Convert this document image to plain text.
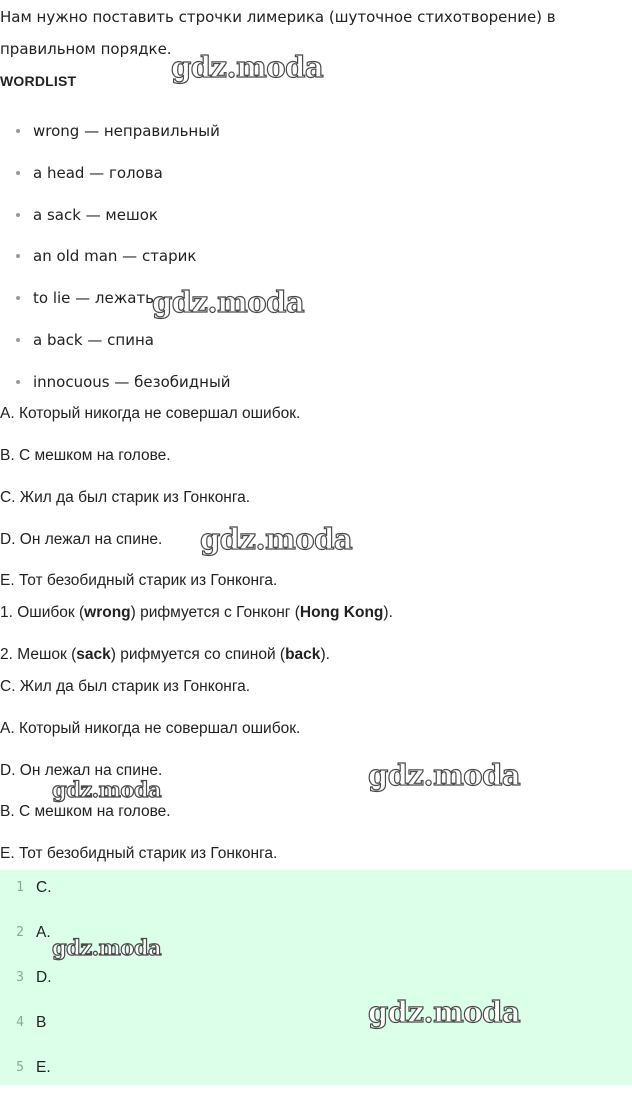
Нам нужно поставить строчки лимерика (шуточное стихотворение) в

правильном порядке.

WORDLIST

wrong — неправильный
a head — голова
a sack — мешок
an old man — старик
to lie — лежать
a back — спина
innocuous — безобидный

A. Который никогда не совершал ошибок.

B. С мешком на голове.

C. Жил да был старик из Гонконга.

D. Он лежал на спине.

E. Тот безобидный старик из Гонконга.

1. Ошибок (wrong) рифмуется с Гонконг (Hong Kong).

2. Мешок (sack) рифмуется со спиной (back).

C. Жил да был старик из Гонконга.

A. Который никогда не совершал ошибок.

D. Он лежал на спине.

B. С мешком на голове.

E. Тот безобидный старик из Гонконга.

1 C.
2 A.
3 D.
4 B
5 E.
gdz.moda
gdz.moda
gdz.moda
gdz.moda
gdz.moda
gdz.moda
gdz.moda
